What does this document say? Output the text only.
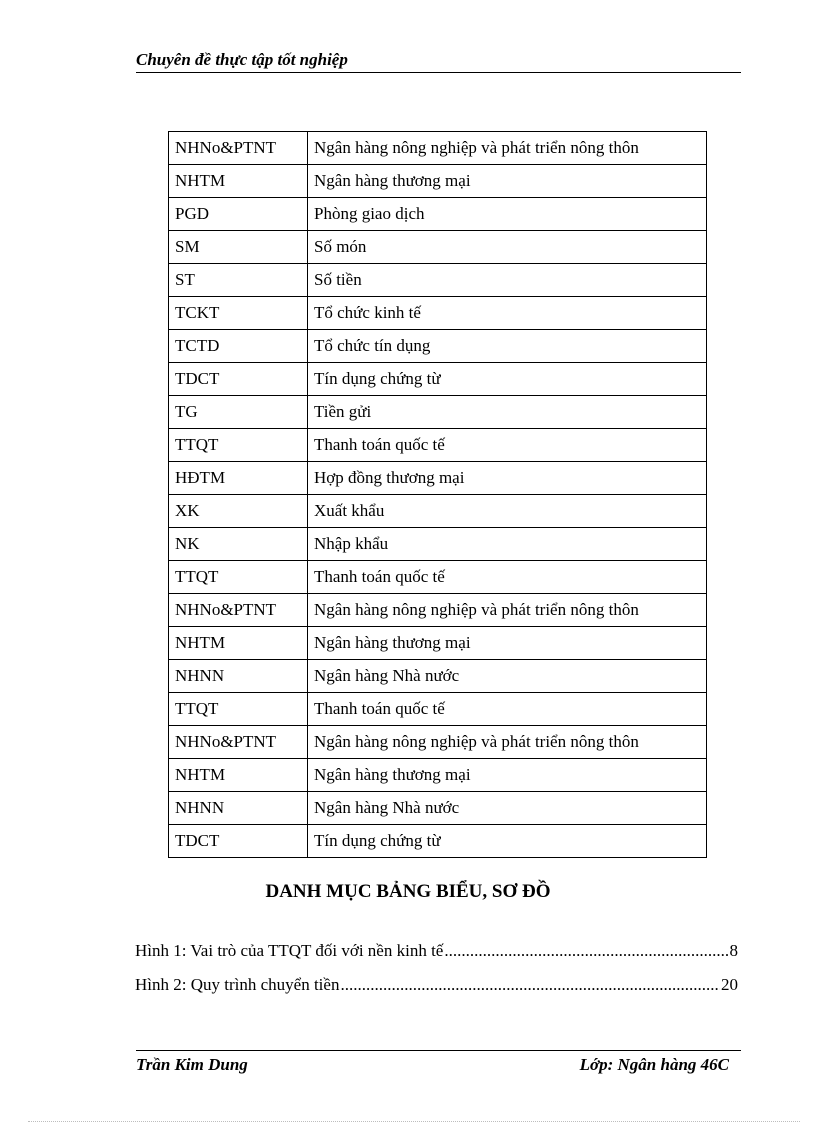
Chuyên đề thực tập tốt nghiệp
NHNo&PTNT	Ngân hàng nông nghiệp và phát triển nông thôn
NHTM	Ngân hàng thương mại
PGD	Phòng giao dịch
SM	Số món
ST	Số tiền
TCKT	Tổ chức kinh tế
TCTD	Tổ chức tín dụng
TDCT	Tín dụng chứng từ
TG	Tiền gửi
TTQT	Thanh toán quốc tế
HĐTM	Hợp đồng thương mại
XK	Xuất khẩu
NK	Nhập khẩu
TTQT	Thanh toán quốc tế
NHNo&PTNT	Ngân hàng nông nghiệp và phát triển nông thôn
NHTM	Ngân hàng thương mại
NHNN	Ngân hàng Nhà nước
TTQT	Thanh toán quốc tế
NHNo&PTNT	Ngân hàng nông nghiệp và phát triển nông thôn
NHTM	Ngân hàng thương mại
NHNN	Ngân hàng Nhà nước
TDCT	Tín dụng chứng từ
DANH MỤC BẢNG BIỂU, SƠ ĐỒ
Hình 1: Vai trò của TTQT đối với nền kinh tế .....	8
Hình 2: Quy trình chuyển tiền .....	20
Trần Kim Dung	Lớp: Ngân hàng 46C
